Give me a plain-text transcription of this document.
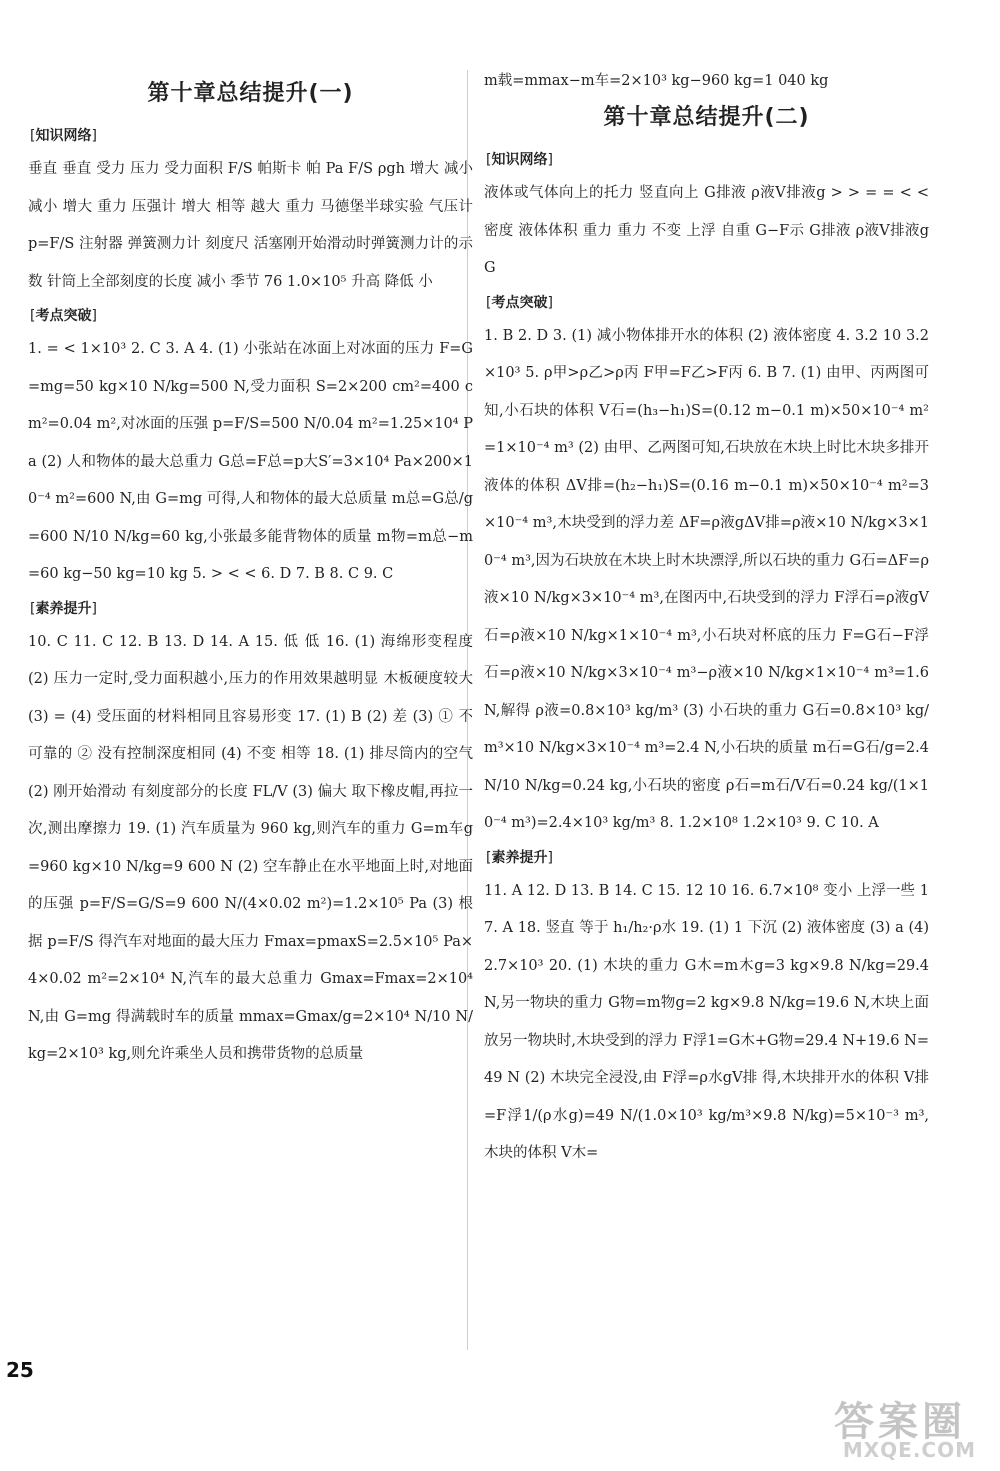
第十章总结提升(一)
[ 知识网络 ]
垂直 垂直 受力 压力 受力面积 F/S 帕斯卡 帕 Pa F/S ρgh 增大 减小 减小 增大 重力 压强计 增大 相等 越大 重力 马德堡半球实验 气压计 p=F/S 注射器 弹簧测力计 刻度尺 活塞刚开始滑动时弹簧测力计的示数 针筒上全部刻度的长度 减小 季节 76 1.0×10⁵ 升高 降低 小
[ 考点突破 ]
1. = < 1×10³ 2. C 3. A 4. (1) 小张站在冰面上对冰面的压力 F=G=mg=50 kg×10 N/kg=500 N,受力面积 S=2×200 cm²=400 cm²=0.04 m²,对冰面的压强 p=F/S=500 N/0.04 m²=1.25×10⁴ Pa (2) 人和物体的最大总重力 G总=F总=p大S′=3×10⁴ Pa×200×10⁻⁴ m²=600 N,由 G=mg 可得,人和物体的最大总质量 m总=G总/g=600 N/10 N/kg=60 kg,小张最多能背物体的质量 m物=m总−m=60 kg−50 kg=10 kg 5. > < < 6. D 7. B 8. C 9. C
[ 素养提升 ]
10. C 11. C 12. B 13. D 14. A 15. 低 低 16. (1) 海绵形变程度 (2) 压力一定时,受力面积越小,压力的作用效果越明显 木板硬度较大 (3) = (4) 受压面的材料相同且容易形变 17. (1) B (2) 差 (3) ① 不可靠的 ② 没有控制深度相同 (4) 不变 相等 18. (1) 排尽筒内的空气 (2) 刚开始滑动 有刻度部分的长度 FL/V (3) 偏大 取下橡皮帽,再拉一次,测出摩擦力 19. (1) 汽车质量为 960 kg,则汽车的重力 G=m车g=960 kg×10 N/kg=9 600 N (2) 空车静止在水平地面上时,对地面的压强 p=F/S=G/S=9 600 N/(4×0.02 m²)=1.2×10⁵ Pa (3) 根据 p=F/S 得汽车对地面的最大压力 Fmax=pmaxS=2.5×10⁵ Pa×4×0.02 m²=2×10⁴ N,汽车的最大总重力 Gmax=Fmax=2×10⁴ N,由 G=mg 得满载时车的质量 mmax=Gmax/g=2×10⁴ N/10 N/kg=2×10³ kg,则允许乘坐人员和携带货物的总质量
m载=mmax−m车=2×10³ kg−960 kg=1 040 kg
第十章总结提升(二)
[ 知识网络 ]
液体或气体向上的托力 竖直向上 G排液 ρ液V排液g > > = = < < 密度 液体体积 重力 重力 不变 上浮 自重 G−F示 G排液 ρ液V排液g G
[ 考点突破 ]
1. B 2. D 3. (1) 减小物体排开水的体积 (2) 液体密度 4. 3.2 10 3.2×10³ 5. ρ甲>ρ乙>ρ丙 F甲=F乙>F丙 6. B 7. (1) 由甲、丙两图可知,小石块的体积 V石=(h₃−h₁)S=(0.12 m−0.1 m)×50×10⁻⁴ m²=1×10⁻⁴ m³ (2) 由甲、乙两图可知,石块放在木块上时比木块多排开液体的体积 ΔV排=(h₂−h₁)S=(0.16 m−0.1 m)×50×10⁻⁴ m²=3×10⁻⁴ m³,木块受到的浮力差 ΔF=ρ液gΔV排=ρ液×10 N/kg×3×10⁻⁴ m³,因为石块放在木块上时木块漂浮,所以石块的重力 G石=ΔF=ρ液×10 N/kg×3×10⁻⁴ m³,在图丙中,石块受到的浮力 F浮石=ρ液gV石=ρ液×10 N/kg×1×10⁻⁴ m³,小石块对杯底的压力 F=G石−F浮石=ρ液×10 N/kg×3×10⁻⁴ m³−ρ液×10 N/kg×1×10⁻⁴ m³=1.6 N,解得 ρ液=0.8×10³ kg/m³ (3) 小石块的重力 G石=0.8×10³ kg/m³×10 N/kg×3×10⁻⁴ m³=2.4 N,小石块的质量 m石=G石/g=2.4 N/10 N/kg=0.24 kg,小石块的密度 ρ石=m石/V石=0.24 kg/(1×10⁻⁴ m³)=2.4×10³ kg/m³ 8. 1.2×10⁸ 1.2×10³ 9. C 10. A
[ 素养提升 ]
11. A 12. D 13. B 14. C 15. 12 10 16. 6.7×10⁸ 变小 上浮一些 17. A 18. 竖直 等于 h₁/h₂·ρ水 19. (1) 1 下沉 (2) 液体密度 (3) a (4) 2.7×10³ 20. (1) 木块的重力 G木=m木g=3 kg×9.8 N/kg=29.4 N,另一物块的重力 G物=m物g=2 kg×9.8 N/kg=19.6 N,木块上面放另一物块时,木块受到的浮力 F浮1=G木+G物=29.4 N+19.6 N=49 N (2) 木块完全浸没,由 F浮=ρ水gV排 得,木块排开水的体积 V排=F浮1/(ρ水g)=49 N/(1.0×10³ kg/m³×9.8 N/kg)=5×10⁻³ m³,木块的体积 V木=
25
答案圈
MXQE.COM
